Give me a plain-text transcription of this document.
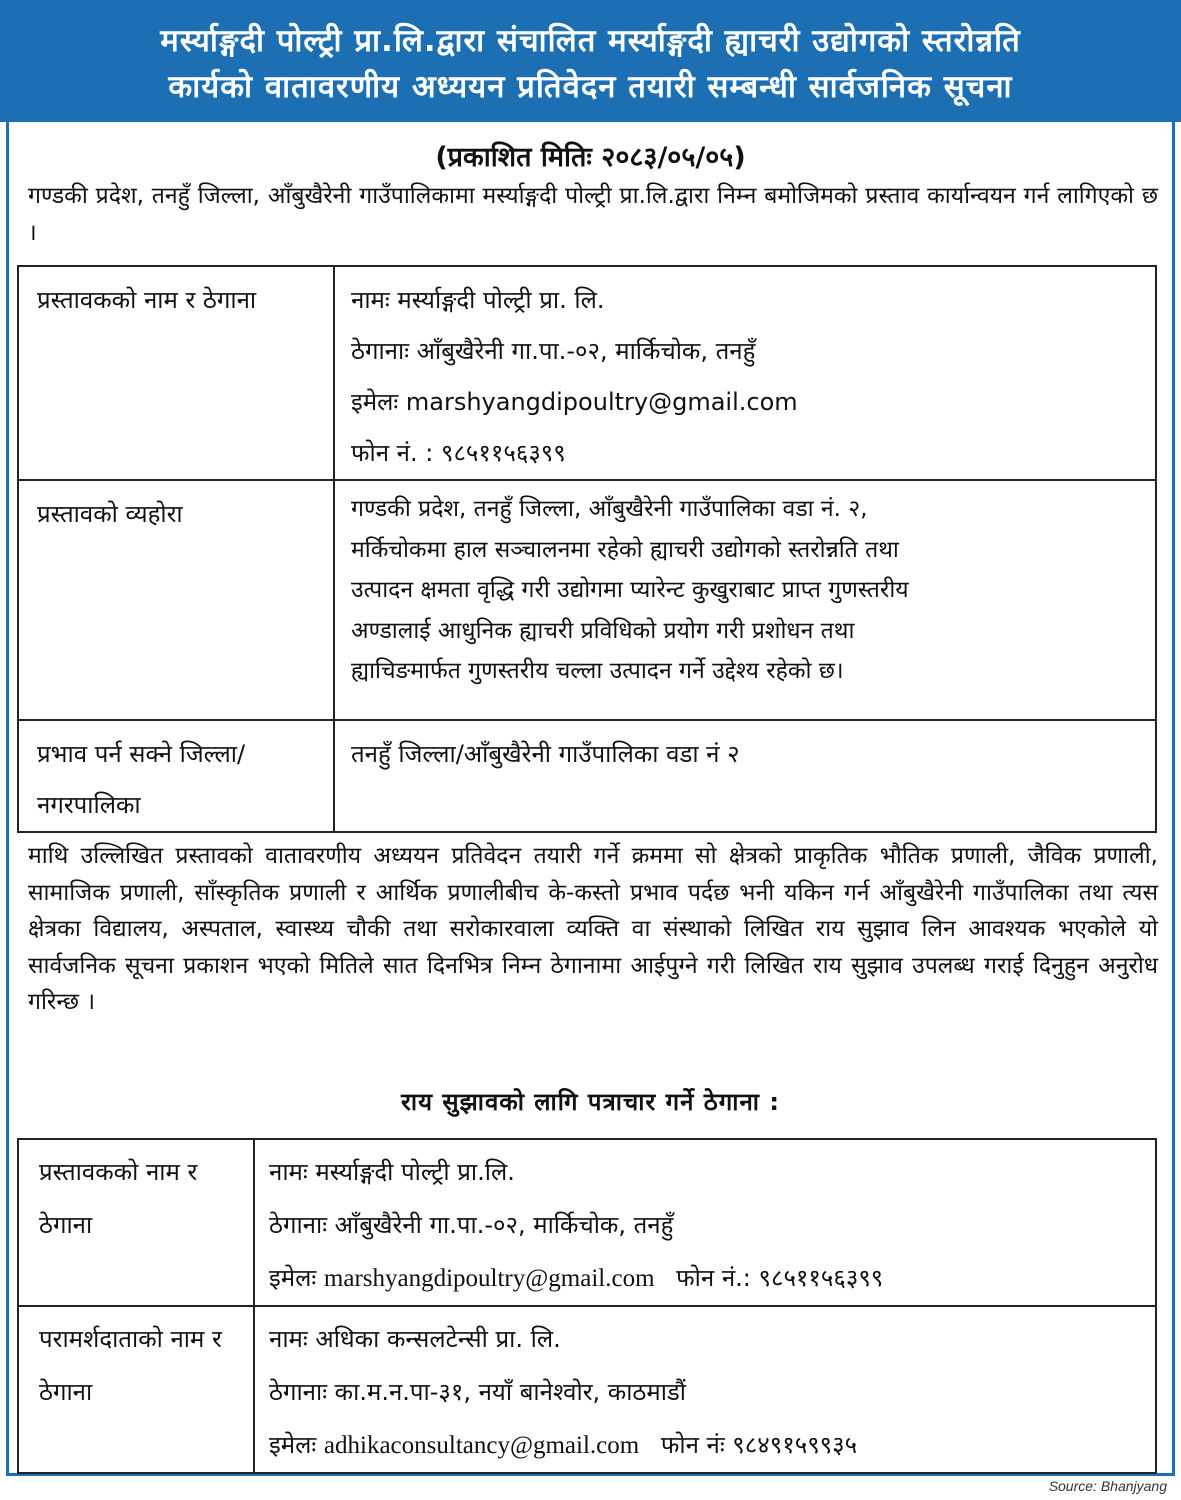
मर्स्याङ्गदी पोल्ट्री प्रा.लि.द्वारा संचालित मर्स्याङ्गदी ह्याचरी उद्योगको स्तरोन्नति
कार्यको वातावरणीय अध्ययन प्रतिवेदन तयारी सम्बन्धी सार्वजनिक सूचना
(प्रकाशित मितिः २०८३/०५/०५)
गण्डकी प्रदेश, तनहुँ जिल्ला, आँबुखैरेनी गाउँपालिकामा मर्स्याङ्गदी पोल्ट्री प्रा.लि.द्वारा निम्न बमोजिमको प्रस्ताव कार्यान्वयन गर्न लागिएको छ ।
प्रस्तावकको नाम र ठेगाना	नामः मर्स्याङ्गदी पोल्ट्री प्रा. लि.
ठेगानाः आँबुखैरेनी गा.पा.-०२, मार्किचोक, तनहुँ
इमेलः marshyangdipoultry@gmail.com
फोन नं. : ९८५११५६३९९

प्रस्तावको व्यहोरा	गण्डकी प्रदेश, तनहुँ जिल्ला, आँबुखैरेनी गाउँपालिका वडा नं. २,
मर्किचोकमा हाल सञ्चालनमा रहेको ह्याचरी उद्योगको स्तरोन्नति तथा
उत्पादन क्षमता वृद्धि गरी उद्योगमा प्यारेन्ट कुखुराबाट प्राप्त गुणस्तरीय
अण्डालाई आधुनिक ह्याचरी प्रविधिको प्रयोग गरी प्रशोधन तथा
ह्याचिङमार्फत गुणस्तरीय चल्ला उत्पादन गर्ने उद्देश्य रहेको छ।

प्रभाव पर्न सक्ने जिल्ला/नगरपालिका	तनहुँ जिल्ला/आँबुखैरेनी गाउँपालिका वडा नं २
माथि उल्लिखित प्रस्तावको वातावरणीय अध्ययन प्रतिवेदन तयारी गर्ने क्रममा सो क्षेत्रको प्राकृतिक भौतिक प्रणाली, जैविक प्रणाली, सामाजिक प्रणाली, साँस्कृतिक प्रणाली र आर्थिक प्रणालीबीच के-कस्तो प्रभाव पर्दछ भनी यकिन गर्न आँबुखैरेनी गाउँपालिका तथा त्यस क्षेत्रका विद्यालय, अस्पताल, स्वास्थ्य चौकी तथा सरोकारवाला व्यक्ति वा संस्थाको लिखित राय सुझाव लिन आवश्यक भएकोले यो सार्वजनिक सूचना प्रकाशन भएको मितिले सात दिनभित्र निम्न ठेगानामा आईपुग्ने गरी लिखित राय सुझाव उपलब्ध गराई दिनुहुन अनुरोध गरिन्छ ।
राय सुझावको लागि पत्राचार गर्ने ठेगाना :
प्रस्तावकको नाम र ठेगाना	नामः मर्स्याङ्गदी पोल्ट्री प्रा.लि.
ठेगानाः आँबुखैरेनी गा.पा.-०२, मार्किचोक, तनहुँ
इमेलः marshyangdipoultry@gmail.com फोन नं.: ९८५११५६३९९

परामर्शदाताको नाम र ठेगाना	नामः अधिका कन्सलटेन्सी प्रा. लि.
ठेगानाः का.म.न.पा-३१, नयाँ बानेश्वोर, काठमाडौं
इमेलः adhikaconsultancy@gmail.com फोन नंः ९८४९१५९९३५
Source: Bhanjyang
